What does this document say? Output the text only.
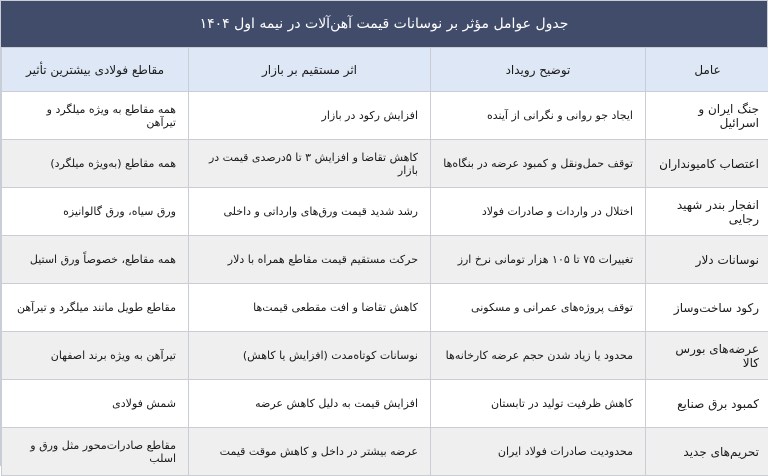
جدول عوامل مؤثر بر نوسانات قیمت آهن‌آلات در نیمه اول ۱۴۰۴
عامل	توضیح رویداد	اثر مستقیم بر بازار	مقاطع فولادی بیشترین تأثیر
جنگ ایران و اسرائیل	ایجاد جو روانی و نگرانی از آینده	افزایش رکود در بازار	همه مقاطع به ویژه میلگرد و تیرآهن
اعتصاب کامیونداران	توقف حمل‌ونقل و کمبود عرضه در بنگاه‌ها	کاهش تقاضا و افزایش ۳ تا ۵درصدی قیمت در بازار	همه مقاطع (به‌ویژه میلگرد)
انفجار بندر شهید رجایی	اختلال در واردات و صادرات فولاد	رشد شدید قیمت ورق‌های وارداتی و داخلی	ورق سیاه، ورق گالوانیزه
نوسانات دلار	تغییرات ۷۵ تا ۱۰۵ هزار تومانی نرخ ارز	حرکت مستقیم قیمت مقاطع همراه با دلار	همه مقاطع، خصوصاً ورق استیل
رکود ساخت‌وساز	توقف پروژه‌های عمرانی و مسکونی	کاهش تقاضا و افت مقطعی قیمت‌ها	مقاطع طویل مانند میلگرد و تیرآهن
عرضه‌های بورس کالا	محدود یا زیاد شدن حجم عرضه کارخانه‌ها	نوسانات کوتاه‌مدت (افزایش یا کاهش)	تیرآهن به ویژه برند اصفهان
کمبود برق صنایع	کاهش ظرفیت تولید در تابستان	افزایش قیمت به دلیل کاهش عرضه	شمش فولادی
تحریم‌های جدید	محدودیت صادرات فولاد ایران	عرضه بیشتر در داخل و کاهش موقت قیمت	مقاطع صادرات‌محور مثل ورق و اسلب
